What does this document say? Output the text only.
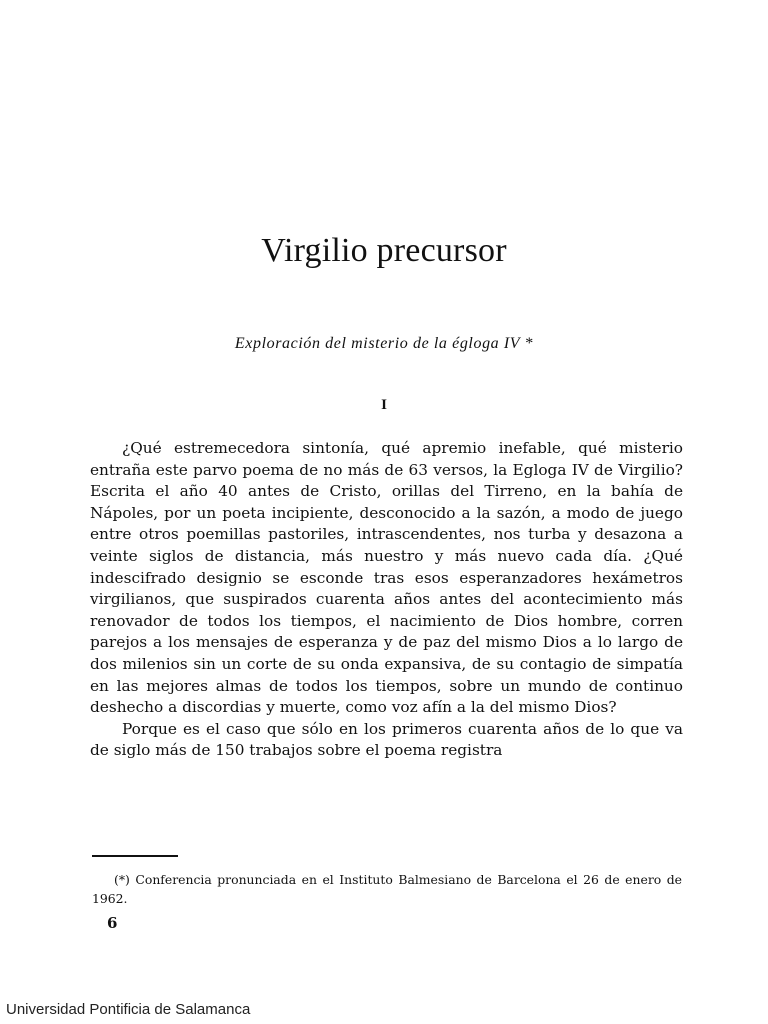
Virgilio precursor
Exploración del misterio de la égloga IV *
I

¿Qué estremecedora sintonía, qué apremio inefable, qué misterio entraña este parvo poema de no más de 63 versos, la Egloga IV de Virgilio? Escrita el año 40 antes de Cristo, orillas del Tirreno, en la bahía de Nápoles, por un poeta incipiente, desconocido a la sazón, a modo de juego entre otros poemillas pastoriles, intrascendentes, nos turba y desazona a veinte siglos de distancia, más nuestro y más nuevo cada día. ¿Qué indescifrado designio se esconde tras esos esperanzadores hexámetros virgilianos, que suspirados cuarenta años antes del acontecimiento más renovador de todos los tiempos, el nacimiento de Dios hombre, corren parejos a los mensajes de esperanza y de paz del mismo Dios a lo largo de dos milenios sin un corte de su onda expansiva, de su contagio de simpatía en las mejores almas de todos los tiempos, sobre un mundo de continuo deshecho a discordias y muerte, como voz afín a la del mismo Dios?

Porque es el caso que sólo en los primeros cuarenta años de lo que va de siglo más de 150 trabajos sobre el poema registra

(*) Conferencia pronunciada en el Instituto Balmesiano de Barcelona el 26 de enero de 1962.

6
Universidad Pontificia de Salamanca
